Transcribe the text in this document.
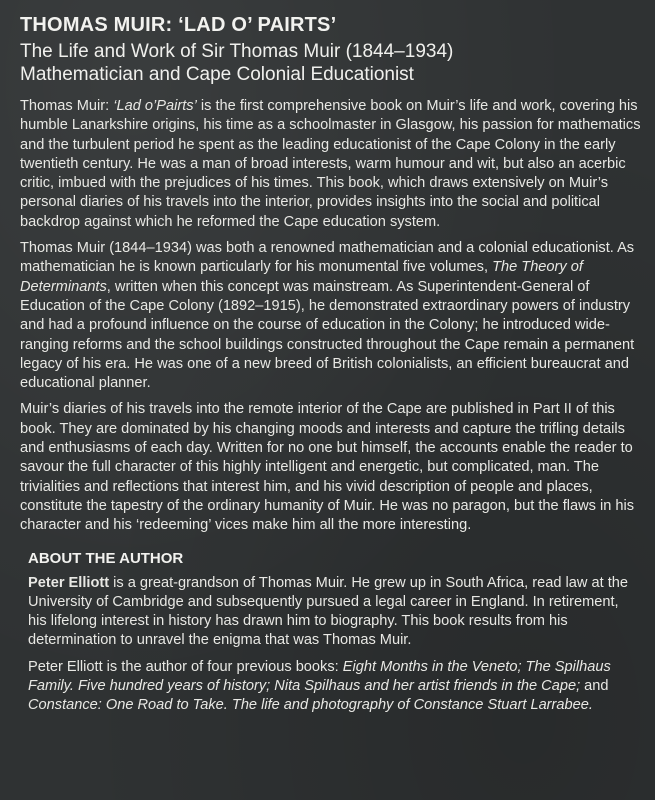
THOMAS MUIR: ‘LAD O’ PAIRTS’
The Life and Work of Sir Thomas Muir (1844–1934)
Mathematician and Cape Colonial Educationist

Thomas Muir: ‘Lad o’Pairts’ is the first comprehensive book on Muir’s life and work, covering his humble Lanarkshire origins, his time as a schoolmaster in Glasgow, his passion for mathematics and the turbulent period he spent as the leading educationist of the Cape Colony in the early twentieth century. He was a man of broad interests, warm humour and wit, but also an acerbic critic, imbued with the prejudices of his times. This book, which draws extensively on Muir’s personal diaries of his travels into the interior, provides insights into the social and political backdrop against which he reformed the Cape education system.

Thomas Muir (1844–1934) was both a renowned mathematician and a colonial educationist. As mathematician he is known particularly for his monumental five volumes, The Theory of Determinants, written when this concept was mainstream. As Superintendent-General of Education of the Cape Colony (1892–1915), he demonstrated extraordinary powers of industry and had a profound influence on the course of education in the Colony; he introduced wide-ranging reforms and the school buildings constructed throughout the Cape remain a permanent legacy of his era. He was one of a new breed of British colonialists, an efficient bureaucrat and educational planner.

Muir’s diaries of his travels into the remote interior of the Cape are published in Part II of this book. They are dominated by his changing moods and interests and capture the trifling details and enthusiasms of each day. Written for no one but himself, the accounts enable the reader to savour the full character of this highly intelligent and energetic, but complicated, man. The trivialities and reflections that interest him, and his vivid description of people and places, constitute the tapestry of the ordinary humanity of Muir. He was no paragon, but the flaws in his character and his ‘redeeming’ vices make him all the more interesting.

ABOUT THE AUTHOR

Peter Elliott is a great-grandson of Thomas Muir. He grew up in South Africa, read law at the University of Cambridge and subsequently pursued a legal career in England. In retirement, his lifelong interest in history has drawn him to biography. This book results from his determination to unravel the enigma that was Thomas Muir.

Peter Elliott is the author of four previous books: Eight Months in the Veneto; The Spilhaus Family. Five hundred years of history; Nita Spilhaus and her artist friends in the Cape; and Constance: One Road to Take. The life and photography of Constance Stuart Larrabee.
